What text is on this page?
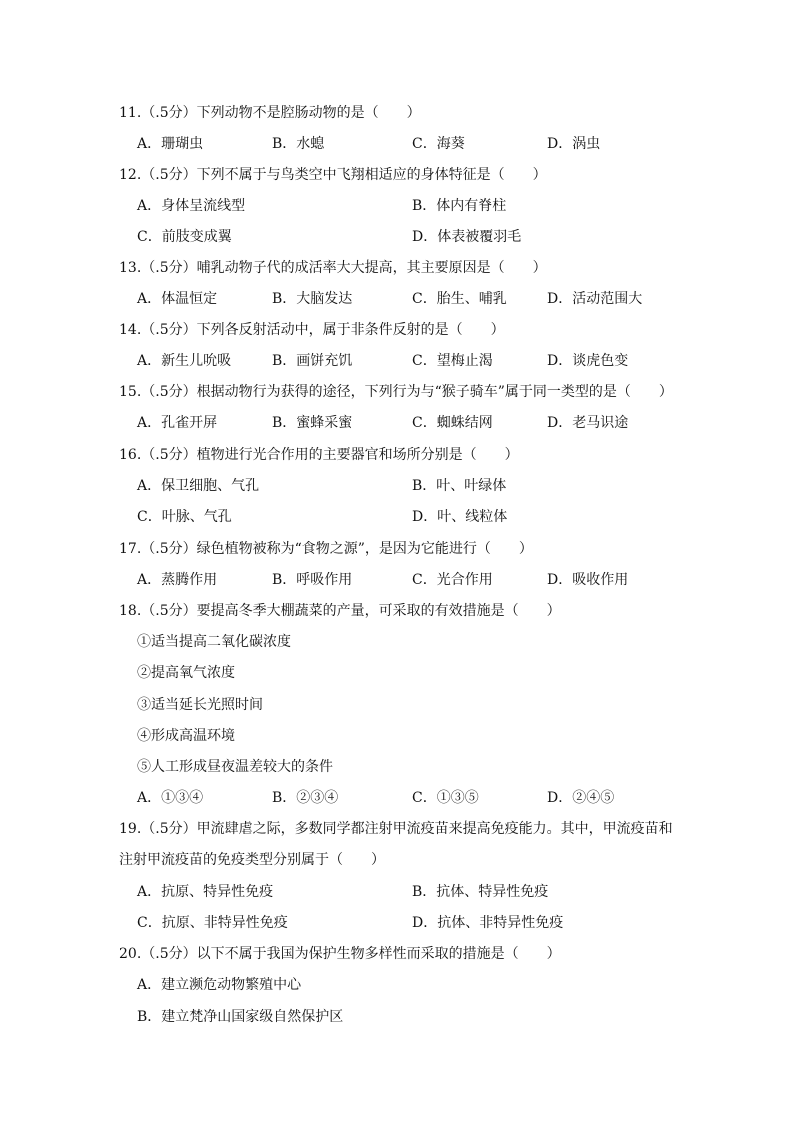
11.（.5分）下列动物不是腔肠动物的是（　　）
A．珊瑚虫	B．水螅	C．海葵	D．涡虫
12.（.5分）下列不属于与鸟类空中飞翔相适应的身体特征是（　　）
A．身体呈流线型	B．体内有脊柱
C．前肢变成翼	D．体表被覆羽毛
13.（.5分）哺乳动物子代的成活率大大提高，其主要原因是（　　）
A．体温恒定	B．大脑发达	C．胎生、哺乳	D．活动范围大
14.（.5分）下列各反射活动中，属于非条件反射的是（　　）
A．新生儿吮吸	B．画饼充饥	C．望梅止渴	D．谈虎色变
15.（.5分）根据动物行为获得的途径，下列行为与“猴子骑车”属于同一类型的是（　　）
A．孔雀开屏	B．蜜蜂采蜜	C．蜘蛛结网	D．老马识途
16.（.5分）植物进行光合作用的主要器官和场所分别是（　　）
A．保卫细胞、气孔	B．叶、叶绿体
C．叶脉、气孔	D．叶、线粒体
17.（.5分）绿色植物被称为“食物之源”，是因为它能进行（　　）
A．蒸腾作用	B．呼吸作用	C．光合作用	D．吸收作用
18.（.5分）要提高冬季大棚蔬菜的产量，可采取的有效措施是（　　）
①适当提高二氧化碳浓度
②提高氧气浓度
③适当延长光照时间
④形成高温环境
⑤人工形成昼夜温差较大的条件
A．①③④	B．②③④	C．①③⑤	D．②④⑤
19.（.5分）甲流肆虐之际，多数同学都注射甲流疫苗来提高免疫能力。其中，甲流疫苗和
注射甲流疫苗的免疫类型分别属于（　　）
A．抗原、特异性免疫	B．抗体、特异性免疫
C．抗原、非特异性免疫	D．抗体、非特异性免疫
20.（.5分）以下不属于我国为保护生物多样性而采取的措施是（　　）
A．建立濒危动物繁殖中心
B．建立梵净山国家级自然保护区
